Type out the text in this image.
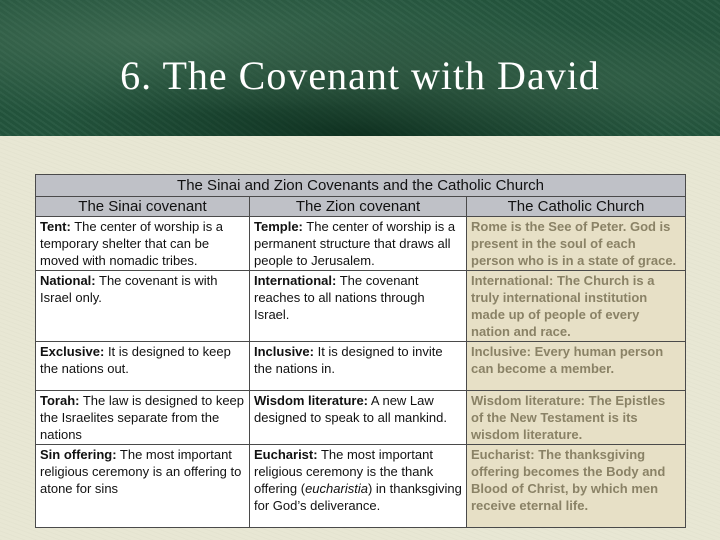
6. The Covenant with David
The Sinai and Zion Covenants and the Catholic Church		
The Sinai covenant	The Zion covenant	The Catholic Church
Tent: The center of worship is a temporary shelter that can be moved with nomadic tribes.	Temple: The center of worship is a permanent structure that draws all people to Jerusalem.	Rome is the See of Peter. God is present in the soul of each person who is in a state of grace.
National: The covenant is with Israel only.	International: The covenant reaches to all nations through Israel.	International: The Church is a truly international institution made up of people of every nation and race.
Exclusive: It is designed to keep the nations out.	Inclusive: It is designed to invite the nations in.	Inclusive: Every human person can become a member.
Torah: The law is designed to keep the Israelites separate from the nations	Wisdom literature: A new Law designed to speak to all mankind.	Wisdom literature: The Epistles of the New Testament is its wisdom literature.
Sin offering: The most important religious ceremony is an offering to atone for sins	Eucharist: The most important religious ceremony is the thank offering (eucharistia) in thanksgiving for God’s deliverance.	Eucharist: The thanksgiving offering becomes the Body and Blood of Christ, by which men receive eternal life.
